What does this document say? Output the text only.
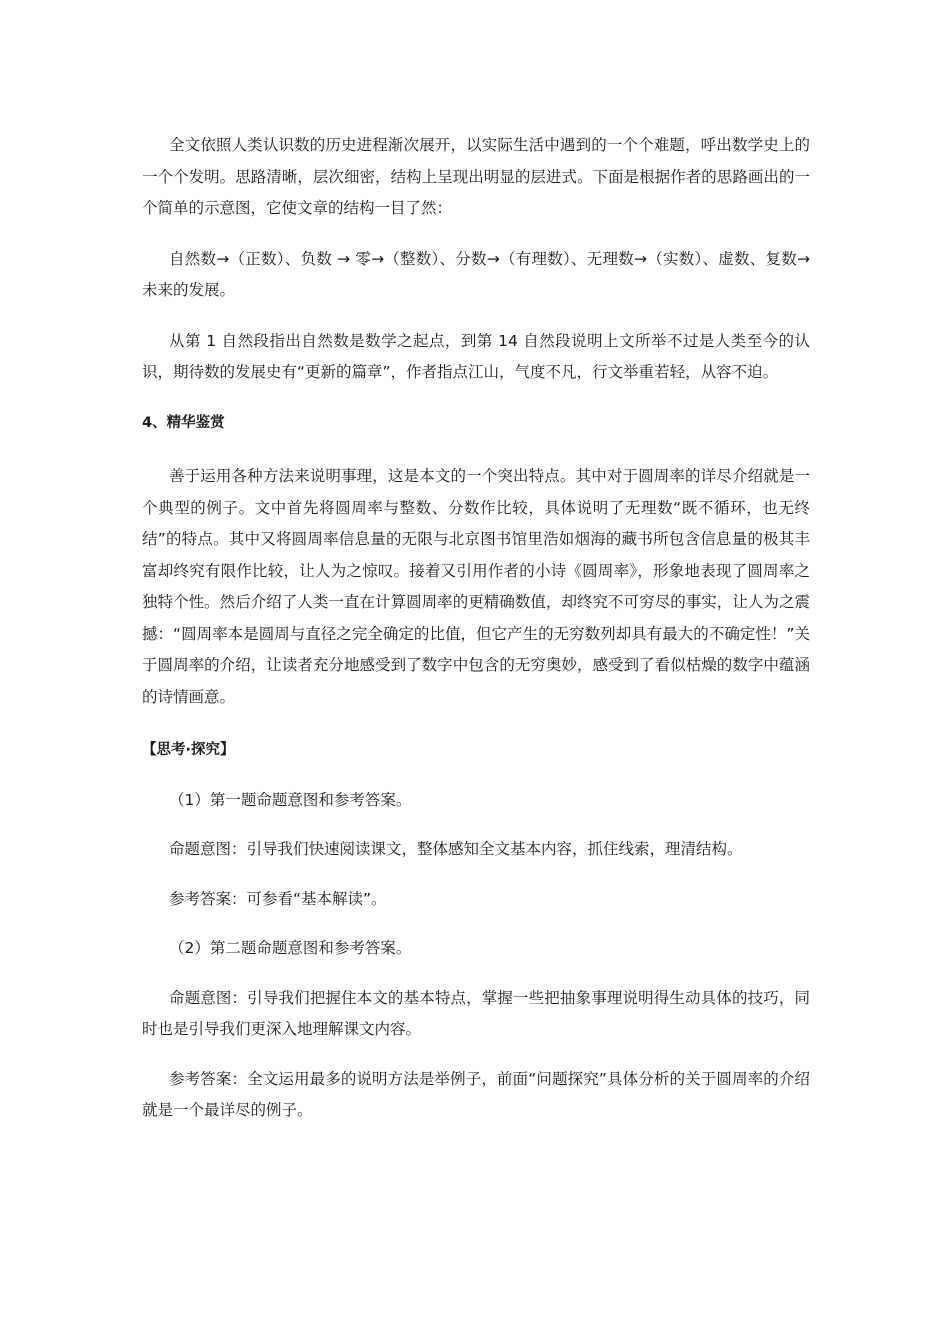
全文依照人类认识数的历史进程渐次展开，以实际生活中遇到的一个个难题，呼出数学史上的一个个发明。思路清晰，层次细密，结构上呈现出明显的层进式。下面是根据作者的思路画出的一个简单的示意图，它使文章的结构一目了然：

自然数→（正数）、负数 → 零→（整数）、分数→（有理数）、无理数→（实数）、虚数、复数→未来的发展。

从第 1 自然段指出自然数是数学之起点，到第 14 自然段说明上文所举不过是人类至今的认识，期待数的发展史有“更新的篇章”，作者指点江山，气度不凡，行文举重若轻，从容不迫。

4、精华鉴赏

善于运用各种方法来说明事理，这是本文的一个突出特点。其中对于圆周率的详尽介绍就是一个典型的例子。文中首先将圆周率与整数、分数作比较，具体说明了无理数“既不循环，也无终结”的特点。其中又将圆周率信息量的无限与北京图书馆里浩如烟海的藏书所包含信息量的极其丰富却终究有限作比较，让人为之惊叹。接着又引用作者的小诗《圆周率》，形象地表现了圆周率之独特个性。然后介绍了人类一直在计算圆周率的更精确数值，却终究不可穷尽的事实，让人为之震撼：“圆周率本是圆周与直径之完全确定的比值，但它产生的无穷数列却具有最大的不确定性！”关于圆周率的介绍，让读者充分地感受到了数字中包含的无穷奥妙，感受到了看似枯燥的数字中蕴涵的诗情画意。

【思考·探究】

（1）第一题命题意图和参考答案。

命题意图：引导我们快速阅读课文，整体感知全文基本内容，抓住线索，理清结构。

参考答案：可参看“基本解读”。

（2）第二题命题意图和参考答案。

命题意图：引导我们把握住本文的基本特点，掌握一些把抽象事理说明得生动具体的技巧，同时也是引导我们更深入地理解课文内容。

参考答案：全文运用最多的说明方法是举例子，前面“问题探究”具体分析的关于圆周率的介绍就是一个最详尽的例子。
